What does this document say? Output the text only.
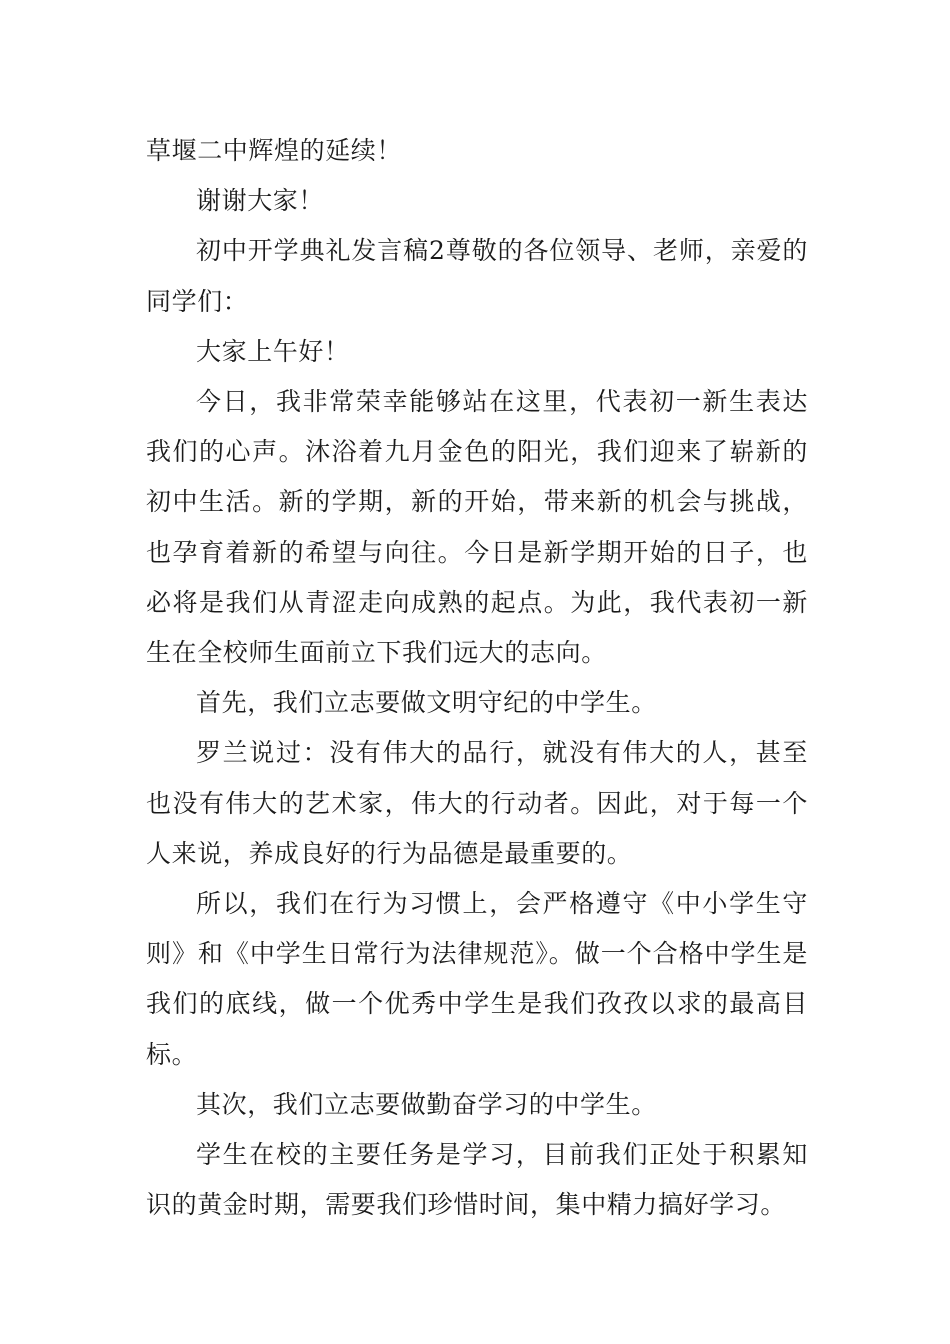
草堰二中辉煌的延续！

谢谢大家！

初中开学典礼发言稿2尊敬的各位领导、老师，亲爱的同学们：

大家上午好！

今日，我非常荣幸能够站在这里，代表初一新生表达我们的心声。沐浴着九月金色的阳光，我们迎来了崭新的初中生活。新的学期，新的开始，带来新的机会与挑战，也孕育着新的希望与向往。今日是新学期开始的日子，也必将是我们从青涩走向成熟的起点。为此，我代表初一新生在全校师生面前立下我们远大的志向。

首先，我们立志要做文明守纪的中学生。

罗兰说过：没有伟大的品行，就没有伟大的人，甚至也没有伟大的艺术家，伟大的行动者。因此，对于每一个人来说，养成良好的行为品德是最重要的。

所以，我们在行为习惯上，会严格遵守《中小学生守则》和《中学生日常行为法律规范》。做一个合格中学生是我们的底线，做一个优秀中学生是我们孜孜以求的最高目标。

其次，我们立志要做勤奋学习的中学生。

学生在校的主要任务是学习，目前我们正处于积累知识的黄金时期，需要我们珍惜时间，集中精力搞好学习。
